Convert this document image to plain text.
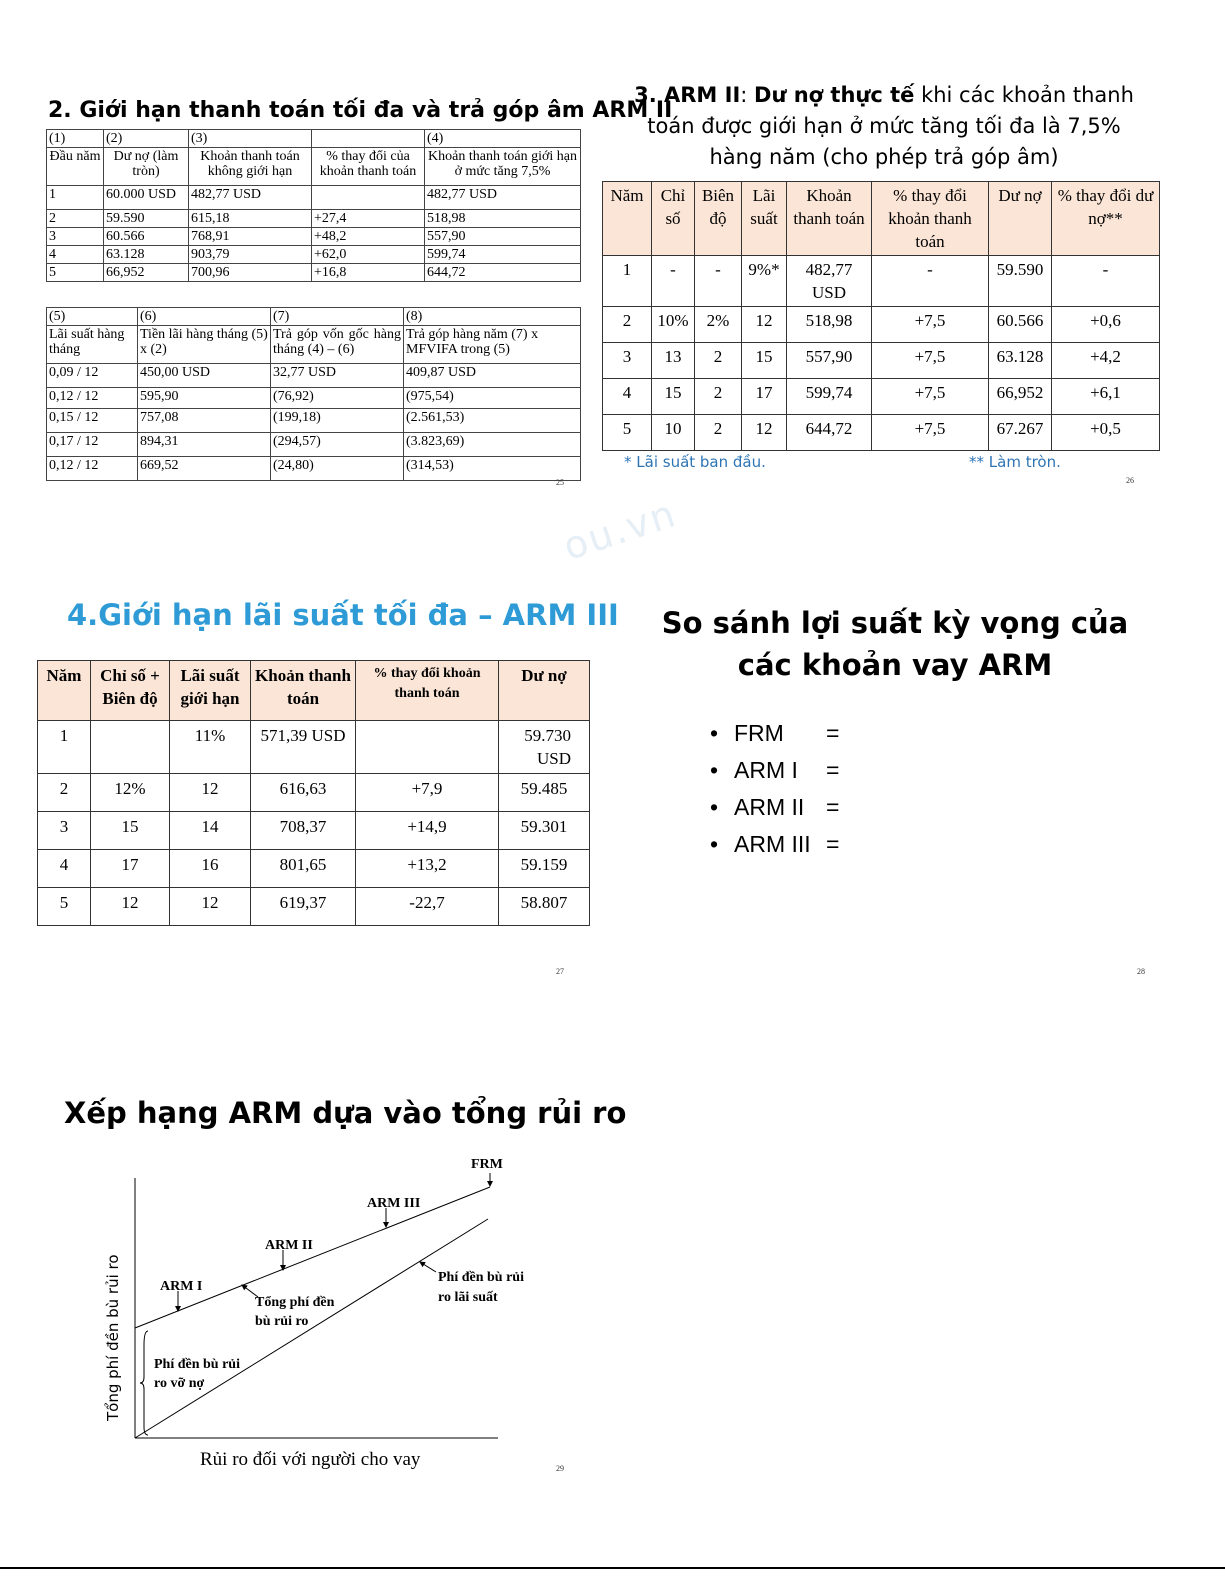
2. Giới hạn thanh toán tối đa và trả góp âm ARM II
(1)	(2)	(3)		(4)
Đầu năm	Dư nợ (làm tròn)	Khoản thanh toán không giới hạn	% thay đổi của khoản thanh toán	Khoản thanh toán giới hạn ở mức tăng 7,5%
1	60.000 USD	482,77 USD		482,77 USD
2	59.590	615,18	+27,4	518,98
3	60.566	768,91	+48,2	557,90
4	63.128	903,79	+62,0	599,74
5	66,952	700,96	+16,8	644,72
(5)	(6)	(7)	(8)
Lãi suất hàng tháng	Tiền lãi hàng tháng (5) x (2)	Trả góp vốn gốc hàng tháng (4) – (6)	Trả góp hàng năm (7) x MFVIFA trong (5)
0,09 / 12	450,00 USD	32,77 USD	409,87 USD
0,12 / 12	595,90	(76,92)	(975,54)
0,15 / 12	757,08	(199,18)	(2.561,53)
0,17 / 12	894,31	(294,57)	(3.823,69)
0,12 / 12	669,52	(24,80)	(314,53)
25
3. ARM II: Dư nợ thực tế khi các khoản thanh toán được giới hạn ở mức tăng tối đa là 7,5% hàng năm (cho phép trả góp âm)
Năm	Chỉ số	Biên độ	Lãi suất	Khoản thanh toán	% thay đổi khoản thanh toán	Dư nợ	% thay đổi dư nợ**
1	-	-	9%*	482,77 USD	-	59.590	-
2	10%	2%	12	518,98	+7,5	60.566	+0,6
3	13	2	15	557,90	+7,5	63.128	+4,2
4	15	2	17	599,74	+7,5	66,952	+6,1
5	10	2	12	644,72	+7,5	67.267	+0,5
* Lãi suất ban đầu.	** Làm tròn.
26
ou.vn
4.Giới hạn lãi suất tối đa – ARM III
Năm	Chỉ số + Biên độ	Lãi suất giới hạn	Khoản thanh toán	% thay đổi khoản thanh toán	Dư nợ
1		11%	571,39 USD		59.730 USD
2	12%	12	616,63	+7,9	59.485
3	15	14	708,37	+14,9	59.301
4	17	16	801,65	+13,2	59.159
5	12	12	619,37	-22,7	58.807
27
So sánh lợi suất kỳ vọng của các khoản vay ARM
• FRM =
• ARM I =
• ARM II =
• ARM III =
28
Xếp hạng ARM dựa vào tổng rủi ro
FRM
ARM III
ARM II
ARM I
Tổng phí đền
bù rủi ro
Phí đền bù rủi
ro lãi suất
Phí đền bù rủi
ro vỡ nợ
Tổng phí đền bù rủi ro
Rủi ro đối với người cho vay	29
